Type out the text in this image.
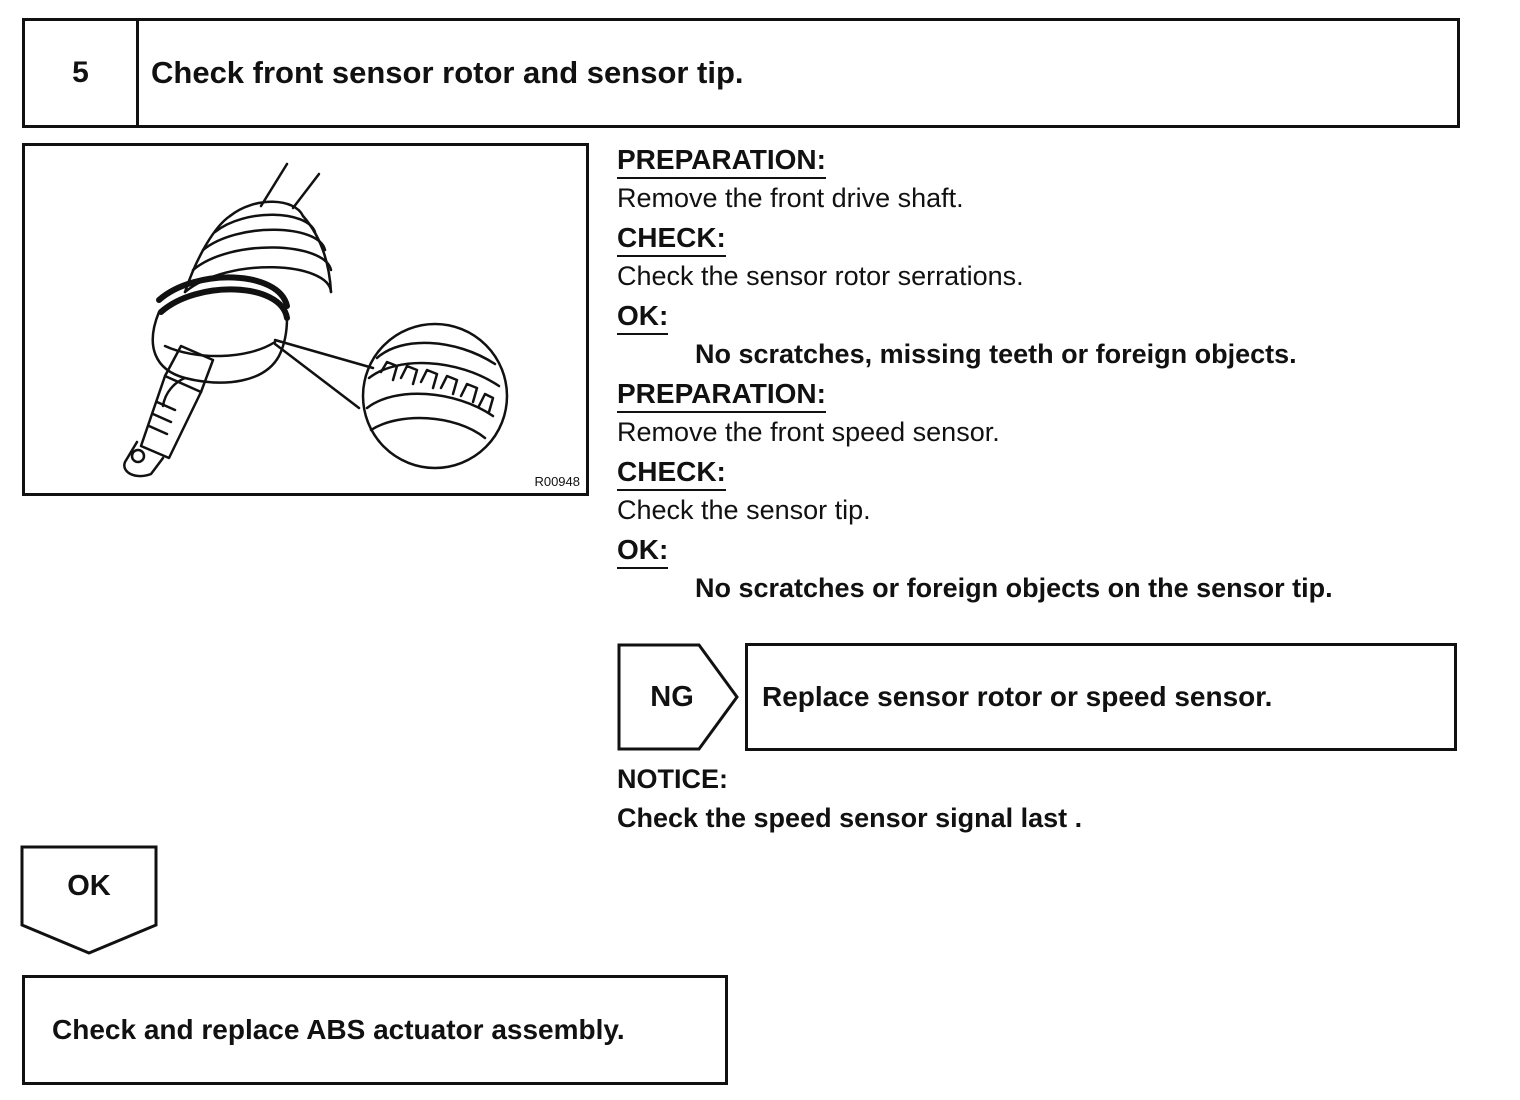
5	Check front sensor rotor and sensor tip.
R00948
PREPARATION:
Remove the front drive shaft.
CHECK:
Check the sensor rotor serrations.
OK:
No scratches, missing teeth or foreign objects.
PREPARATION:
Remove the front speed sensor.
CHECK:
Check the sensor tip.
OK:
No scratches or foreign objects on the sensor tip.
NG	Replace sensor rotor or speed sensor.
NOTICE:
Check the speed sensor signal last .
OK
Check and replace ABS actuator assembly.
